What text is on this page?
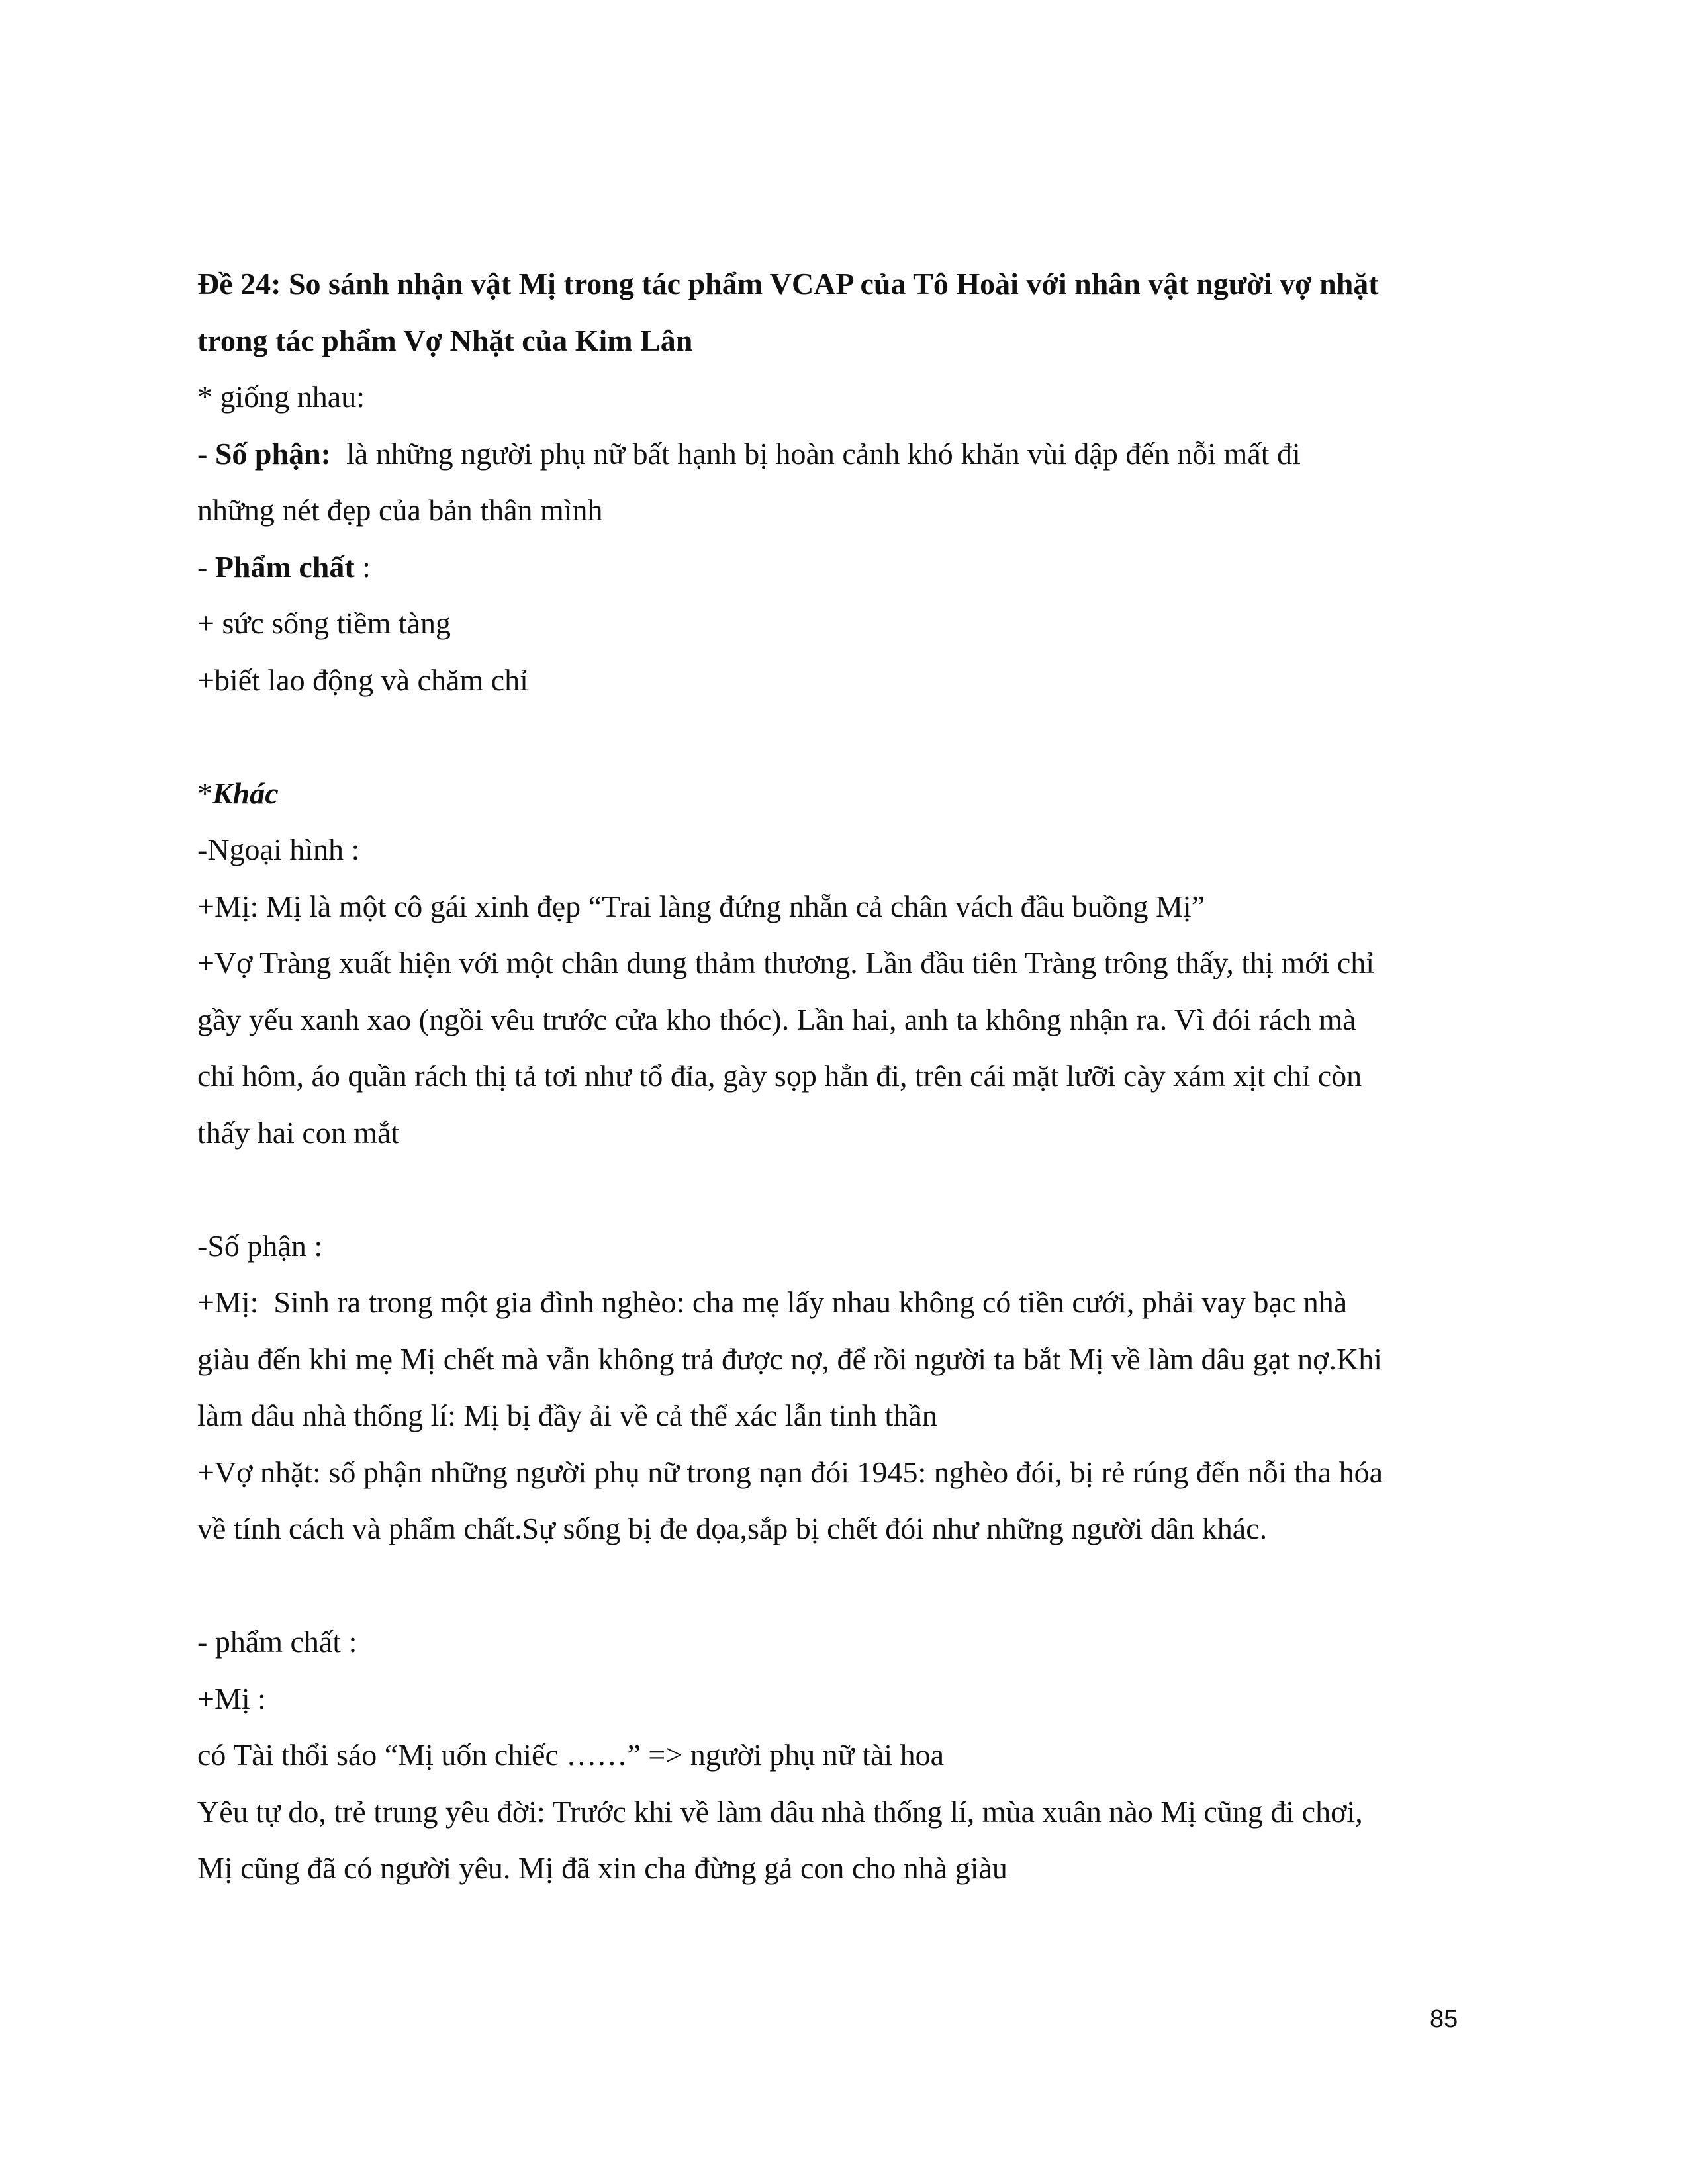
Đề 24: So sánh nhận vật Mị trong tác phẩm VCAP của Tô Hoài với nhân vật người vợ nhặt

trong tác phẩm Vợ Nhặt của Kim Lân

* giống nhau:

- Số phận:  là những người phụ nữ bất hạnh bị hoàn cảnh khó khăn vùi dập đến nỗi mất đi

những nét đẹp của bản thân mình

- Phẩm chất :

+ sức sống tiềm tàng

+biết lao động và chăm chỉ

*Khác

-Ngoại hình :

+Mị: Mị là một cô gái xinh đẹp “Trai làng đứng nhẵn cả chân vách đầu buồng Mị”

+Vợ Tràng xuất hiện với một chân dung thảm thương. Lần đầu tiên Tràng trông thấy, thị mới chỉ

gầy yếu xanh xao (ngồi vêu trước cửa kho thóc). Lần hai, anh ta không nhận ra. Vì đói rách mà

chỉ hôm, áo quần rách thị tả tơi như tổ đỉa, gày sọp hẳn đi, trên cái mặt lưỡi cày xám xịt chỉ còn

thấy hai con mắt

-Số phận :

+Mị:  Sinh ra trong một gia đình nghèo: cha mẹ lấy nhau không có tiền cưới, phải vay bạc nhà

giàu đến khi mẹ Mị chết mà vẫn không trả được nợ, để rồi người ta bắt Mị về làm dâu gạt nợ.Khi

làm dâu nhà thống lí: Mị bị đầy ải về cả thể xác lẫn tinh thần

+Vợ nhặt: số phận những người phụ nữ trong nạn đói 1945: nghèo đói, bị rẻ rúng đến nỗi tha hóa

về tính cách và phẩm chất.Sự sống bị đe dọa,sắp bị chết đói như những người dân khác.

- phẩm chất :

+Mị :

có Tài thổi sáo “Mị uốn chiếc ……” => người phụ nữ tài hoa

Yêu tự do, trẻ trung yêu đời: Trước khi về làm dâu nhà thống lí, mùa xuân nào Mị cũng đi chơi,

Mị cũng đã có người yêu. Mị đã xin cha đừng gả con cho nhà giàu

85
